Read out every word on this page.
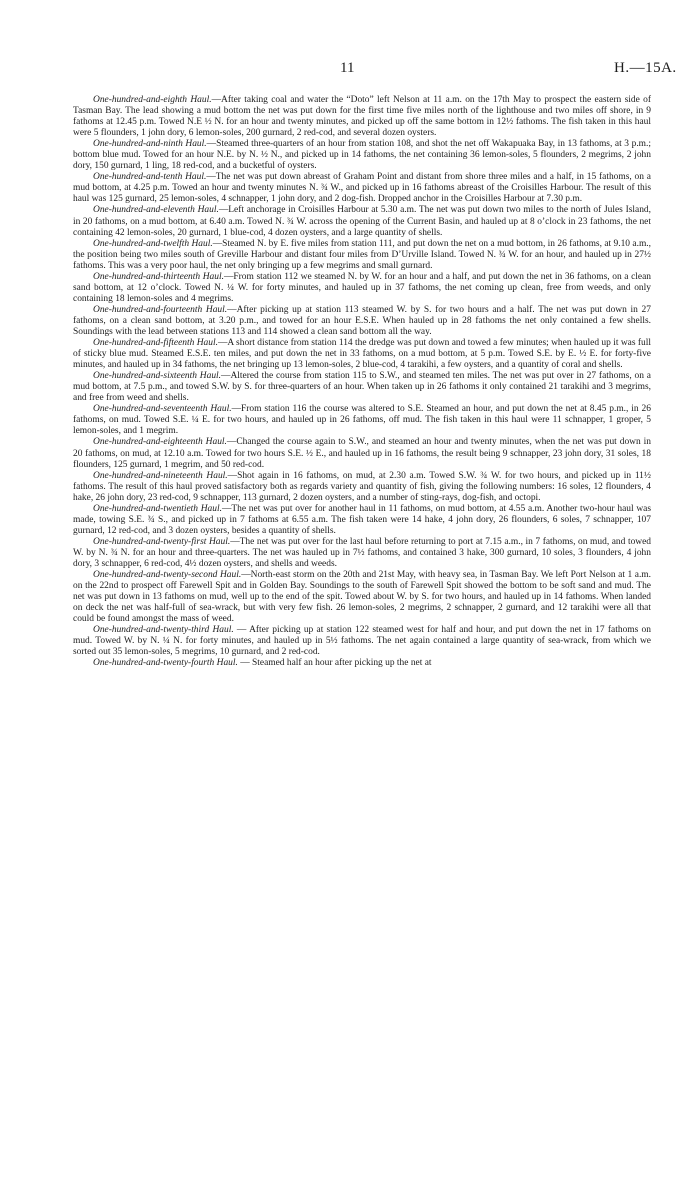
11	H.—15A.

One-hundred-and-eighth Haul.—After taking coal and water the “Doto” left Nelson at 11 a.m. on the 17th May to prospect the eastern side of Tasman Bay. The lead showing a mud bottom the net was put down for the first time five miles north of the lighthouse and two miles off shore, in 9 fathoms at 12.45 p.m. Towed N.E ½ N. for an hour and twenty minutes, and picked up off the same bottom in 12½ fathoms. The fish taken in this haul were 5 flounders, 1 john dory, 6 lemon-soles, 200 gurnard, 2 red-cod, and several dozen oysters.

One-hundred-and-ninth Haul.—Steamed three-quarters of an hour from station 108, and shot the net off Wakapuaka Bay, in 13 fathoms, at 3 p.m.; bottom blue mud. Towed for an hour N.E. by N. ½ N., and picked up in 14 fathoms, the net containing 36 lemon-soles, 5 flounders, 2 megrims, 2 john dory, 150 gurnard, 1 ling, 18 red-cod, and a bucketful of oysters.

One-hundred-and-tenth Haul.—The net was put down abreast of Graham Point and distant from shore three miles and a half, in 15 fathoms, on a mud bottom, at 4.25 p.m. Towed an hour and twenty minutes N. ¾ W., and picked up in 16 fathoms abreast of the Croisilles Harbour. The result of this haul was 125 gurnard, 25 lemon-soles, 4 schnapper, 1 john dory, and 2 dog-fish. Dropped anchor in the Croisilles Harbour at 7.30 p.m.

One-hundred-and-eleventh Haul.—Left anchorage in Croisilles Harbour at 5.30 a.m. The net was put down two miles to the north of Jules Island, in 20 fathoms, on a mud bottom, at 6.40 a.m. Towed N. ¾ W. across the opening of the Current Basin, and hauled up at 8 o’clock in 23 fathoms, the net containing 42 lemon-soles, 20 gurnard, 1 blue-cod, 4 dozen oysters, and a large quantity of shells.

One-hundred-and-twelfth Haul.—Steamed N. by E. five miles from station 111, and put down the net on a mud bottom, in 26 fathoms, at 9.10 a.m., the position being two miles south of Greville Harbour and distant four miles from D’Urville Island. Towed N. ¾ W. for an hour, and hauled up in 27½ fathoms. This was a very poor haul, the net only bringing up a few megrims and small gurnard.

One-hundred-and-thirteenth Haul.—From station 112 we steamed N. by W. for an hour and a half, and put down the net in 36 fathoms, on a clean sand bottom, at 12 o’clock. Towed N. ¼ W. for forty minutes, and hauled up in 37 fathoms, the net coming up clean, free from weeds, and only containing 18 lemon-soles and 4 megrims.

One-hundred-and-fourteenth Haul.—After picking up at station 113 steamed W. by S. for two hours and a half. The net was put down in 27 fathoms, on a clean sand bottom, at 3.20 p.m., and towed for an hour E.S.E. When hauled up in 28 fathoms the net only contained a few shells. Soundings with the lead between stations 113 and 114 showed a clean sand bottom all the way.

One-hundred-and-fifteenth Haul.—A short distance from station 114 the dredge was put down and towed a few minutes; when hauled up it was full of sticky blue mud. Steamed E.S.E. ten miles, and put down the net in 33 fathoms, on a mud bottom, at 5 p.m. Towed S.E. by E. ½ E. for forty-five minutes, and hauled up in 34 fathoms, the net bringing up 13 lemon-soles, 2 blue-cod, 4 tarakihi, a few oysters, and a quantity of coral and shells.

One-hundred-and-sixteenth Haul.—Altered the course from station 115 to S.W., and steamed ten miles. The net was put over in 27 fathoms, on a mud bottom, at 7.5 p.m., and towed S.W. by S. for three-quarters of an hour. When taken up in 26 fathoms it only contained 21 tarakihi and 3 megrims, and free from weed and shells.

One-hundred-and-seventeenth Haul.—From station 116 the course was altered to S.E. Steamed an hour, and put down the net at 8.45 p.m., in 26 fathoms, on mud. Towed S.E. ¼ E. for two hours, and hauled up in 26 fathoms, off mud. The fish taken in this haul were 11 schnapper, 1 groper, 5 lemon-soles, and 1 megrim.

One-hundred-and-eighteenth Haul.—Changed the course again to S.W., and steamed an hour and twenty minutes, when the net was put down in 20 fathoms, on mud, at 12.10 a.m. Towed for two hours S.E. ½ E., and hauled up in 16 fathoms, the result being 9 schnapper, 23 john dory, 31 soles, 18 flounders, 125 gurnard, 1 megrim, and 50 red-cod.

One-hundred-and-nineteenth Haul.—Shot again in 16 fathoms, on mud, at 2.30 a.m. Towed S.W. ¾ W. for two hours, and picked up in 11½ fathoms. The result of this haul proved satisfactory both as regards variety and quantity of fish, giving the following numbers: 16 soles, 12 flounders, 4 hake, 26 john dory, 23 red-cod, 9 schnapper, 113 gurnard, 2 dozen oysters, and a number of sting-rays, dog-fish, and octopi.

One-hundred-and-twentieth Haul.—The net was put over for another haul in 11 fathoms, on mud bottom, at 4.55 a.m. Another two-hour haul was made, towing S.E. ¾ S., and picked up in 7 fathoms at 6.55 a.m. The fish taken were 14 hake, 4 john dory, 26 flounders, 6 soles, 7 schnapper, 107 gurnard, 12 red-cod, and 3 dozen oysters, besides a quantity of shells.

One-hundred-and-twenty-first Haul.—The net was put over for the last haul before returning to port at 7.15 a.m., in 7 fathoms, on mud, and towed W. by N. ¾ N. for an hour and three-quarters. The net was hauled up in 7½ fathoms, and contained 3 hake, 300 gurnard, 10 soles, 3 flounders, 4 john dory, 3 schnapper, 6 red-cod, 4½ dozen oysters, and shells and weeds.

One-hundred-and-twenty-second Haul.—North-east storm on the 20th and 21st May, with heavy sea, in Tasman Bay. We left Port Nelson at 1 a.m. on the 22nd to prospect off Farewell Spit and in Golden Bay. Soundings to the south of Farewell Spit showed the bottom to be soft sand and mud. The net was put down in 13 fathoms on mud, well up to the end of the spit. Towed about W. by S. for two hours, and hauled up in 14 fathoms. When landed on deck the net was half-full of sea-wrack, but with very few fish. 26 lemon-soles, 2 megrims, 2 schnapper, 2 gurnard, and 12 tarakihi were all that could be found amongst the mass of weed.

One-hundred-and-twenty-third Haul. — After picking up at station 122 steamed west for half and hour, and put down the net in 17 fathoms on mud. Towed W. by N. ¼ N. for forty minutes, and hauled up in 5½ fathoms. The net again contained a large quantity of sea-wrack, from which we sorted out 35 lemon-soles, 5 megrims, 10 gurnard, and 2 red-cod.

One-hundred-and-twenty-fourth Haul. — Steamed half an hour after picking up the net at
